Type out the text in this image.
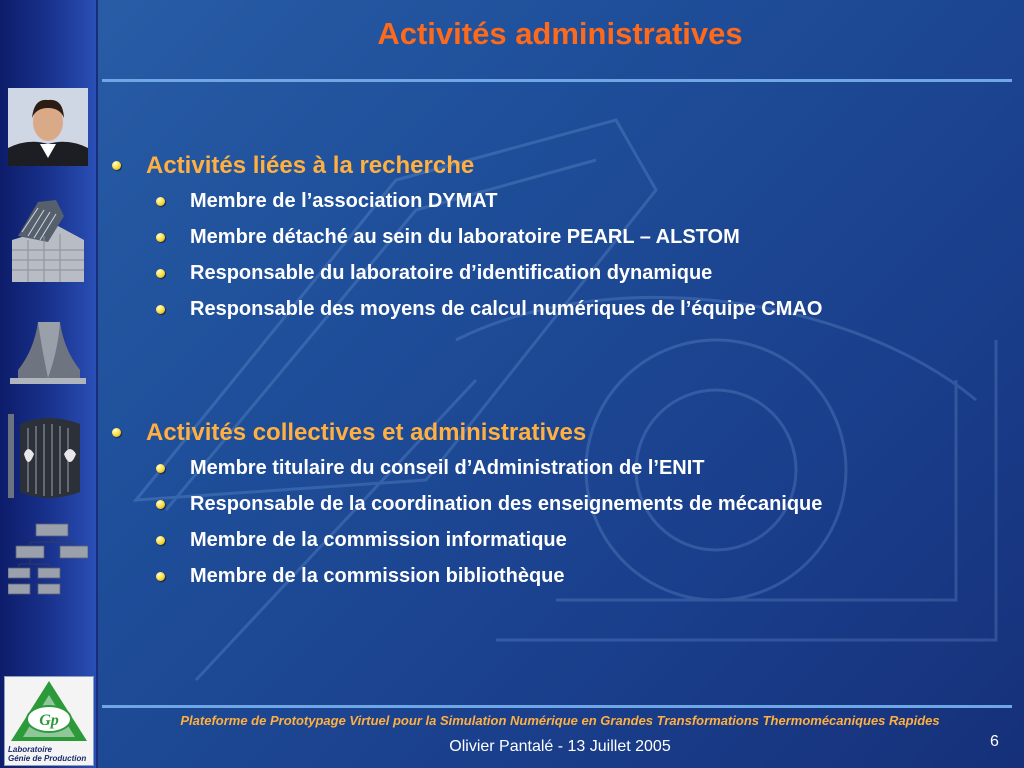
Activités administratives
Activités liées à la recherche
Membre de l’association DYMAT
Membre détaché au sein du laboratoire PEARL – ALSTOM
Responsable du laboratoire d’identification dynamique
Responsable des moyens de calcul numériques de l’équipe CMAO
Activités collectives et administratives
Membre titulaire du conseil d’Administration de l’ENIT
Responsable de la coordination des enseignements de mécanique
Membre de la commission informatique
Membre de la commission bibliothèque
Plateforme de Prototypage Virtuel pour la Simulation Numérique en Grandes Transformations Thermomécaniques Rapides
Olivier Pantalé - 13 Juillet 2005	6
Gp
Laboratoire
Génie de Production
